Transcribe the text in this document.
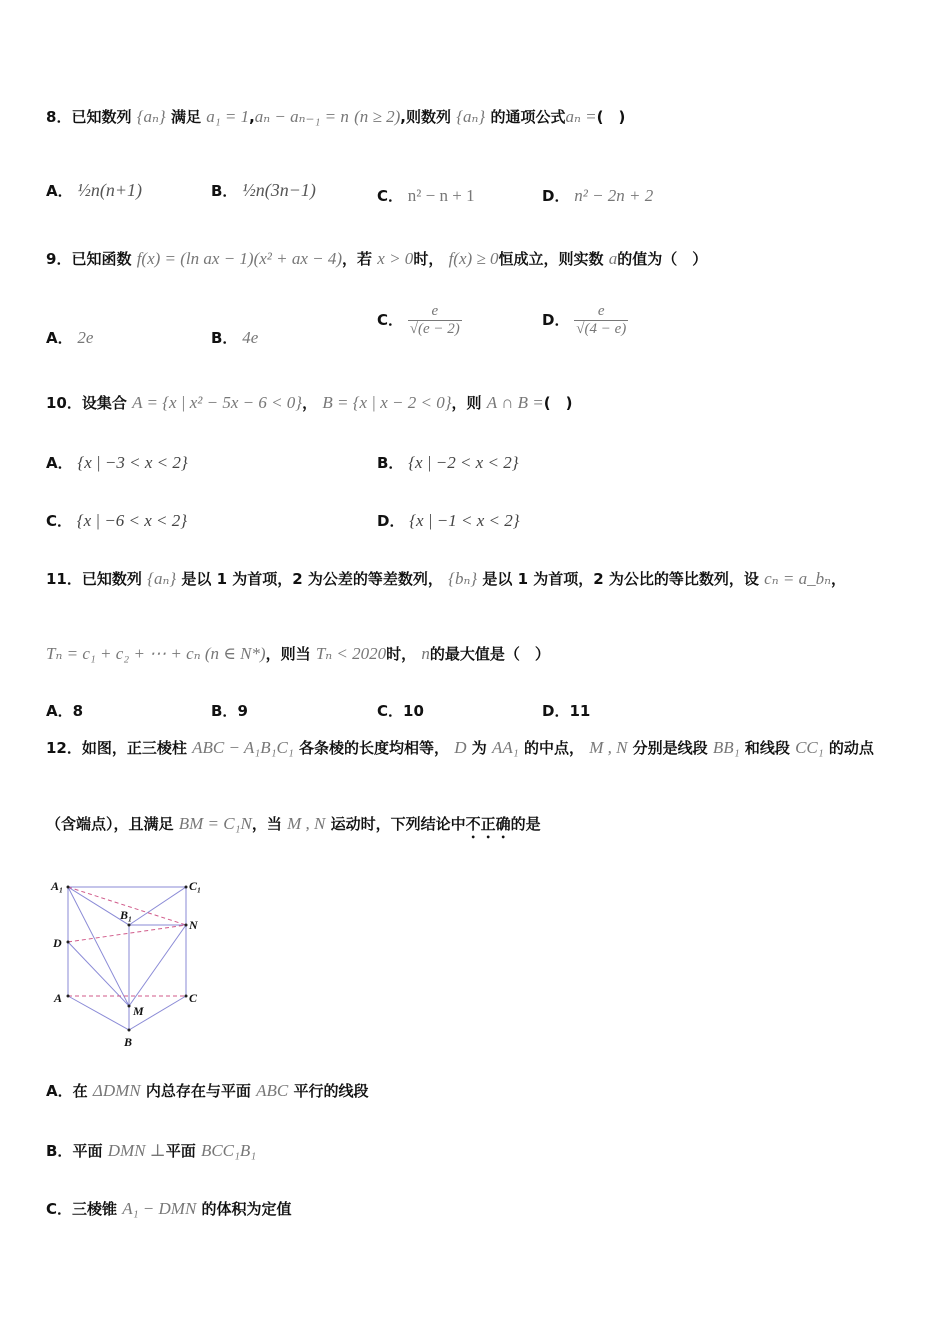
8．已知数列 {aₙ} 满足 a₁ = 1,aₙ − aₙ₋₁ = n (n ≥ 2),则数列 {aₙ} 的通项公式aₙ =(　)
A． ½n(n+1)	B． ½n(3n−1)	C． n² − n + 1	D． n² − 2n + 2
9．已知函数 f(x) = (ln ax − 1)(x² + ax − 4)，若 x > 0时， f(x) ≥ 0恒成立，则实数 a的值为（　）
A． 2e	B． 4e
C． $\frac{e}{√(e - 2)}$	D． $\frac{e}{√(4 - e)}$
10．设集合 A = {x | x² − 5x − 6 < 0}， B = {x | x − 2 < 0}，则 A ∩ B =(　)
A． {x | −3 < x < 2}	B． {x | −2 < x < 2}
C． {x | −6 < x < 2}	D． {x | −1 < x < 2}
11．已知数列 {aₙ} 是以 1 为首项，2 为公差的等差数列， {bₙ} 是以 1 为首项，2 为公比的等比数列，设 cₙ = a_bₙ，
Tₙ = c₁ + c₂ + ⋯ + cₙ (n ∈ N*)，则当 Tₙ < 2020时， n的最大值是（　）
A．8	B．9	C．10	D．11
12．如图，正三棱柱 ABC − A₁B₁C₁ 各条棱的长度均相等， D 为 AA₁ 的中点， M , N 分别是线段 BB₁ 和线段 CC₁ 的动点
（含端点），且满足 BM = C₁N，当 M , N 运动时，下列结论中不正确的是
A₁	C₁
B₁
N
D
A	C
M
B
A．在 ΔDMN 内总存在与平面 ABC 平行的线段
B．平面 DMN ⊥平面 BCC₁B₁
C．三棱锥 A₁ − DMN 的体积为定值
